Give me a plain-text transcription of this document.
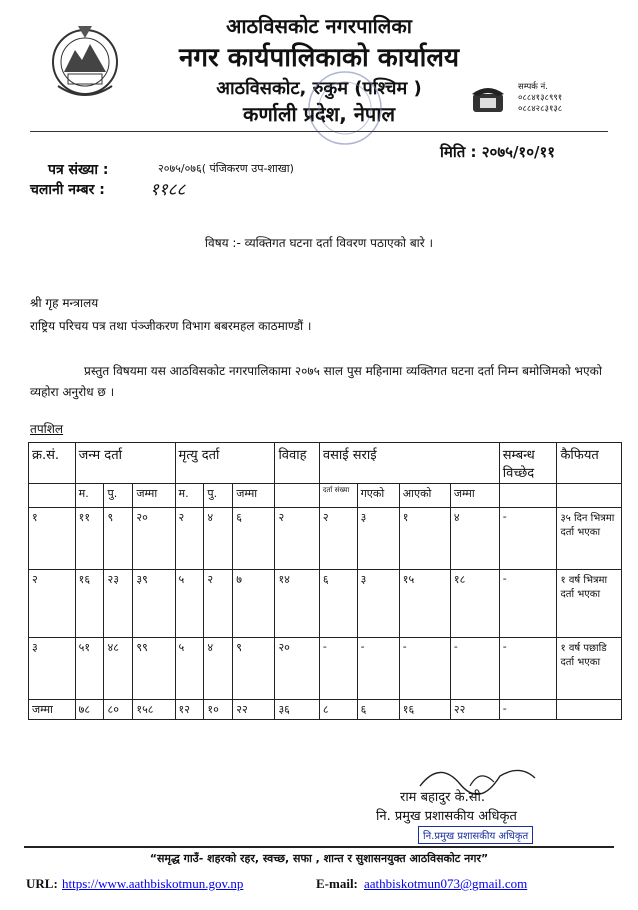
आठविसकोट नगरपालिका
नगर कार्यपालिकाको कार्यालय
आठविसकोट, रुकुम (पश्चिम )
कर्णाली प्रदेश, नेपाल
सम्पर्क नं.
०८८४१३८९९१
०८८४२८३१३८
मिति : २०७५/१०/११
पत्र संख्या :	२०७५/०७६( पंजिकरण उप-शाखा)
चलानी नम्बर :	११८८
विषय :- व्यक्तिगत घटना दर्ता विवरण पठाएको बारे ।
श्री गृह मन्त्रालय
राष्ट्रिय परिचय पत्र तथा पंञ्जीकरण विभाग बबरमहल काठमाण्डौं ।
प्रस्तुत विषयमा यस आठविसकोट नगरपालिकामा २०७५ साल पुस महिनामा व्यक्तिगत घटना दर्ता निम्न बमोजिमको भएको व्यहोरा अनुरोध छ ।
तपशिल
क्र.सं.	जन्म दर्ता			मृत्यु दर्ता			विवाह	वसाई सराई				सम्बन्ध विच्छेद	कैफियत
	म.	पु.	जम्मा	म.	पु.	जम्मा		दर्ता संख्या	गएको	आएको	जम्मा		
१	११	९	२०	२	४	६	२	२	३	१	४	-	३५ दिन भित्रमा दर्ता भएका
२	१६	२३	३९	५	२	७	१४	६	३	१५	१८	-	१ वर्ष भित्रमा दर्ता भएका
३	५१	४८	९९	५	४	९	२०	-	-	-	-	-	१ वर्ष पछाडि दर्ता भएका
जम्मा	७८	८०	१५८	१२	१०	२२	३६	८	६	१६	२२	-	
राम बहादुर के.सी.
नि. प्रमुख प्रशासकीय अधिकृत
नि.प्रमुख प्रशासकीय अधिकृत
“समृद्ध गाउँ- शहरको रहर, स्वच्छ, सफा , शान्त र सुशासनयुक्त आठविसकोट नगर”
URL: https://www.aathbiskotmun.gov.np	E-mail: aathbiskotmun073@gmail.com
